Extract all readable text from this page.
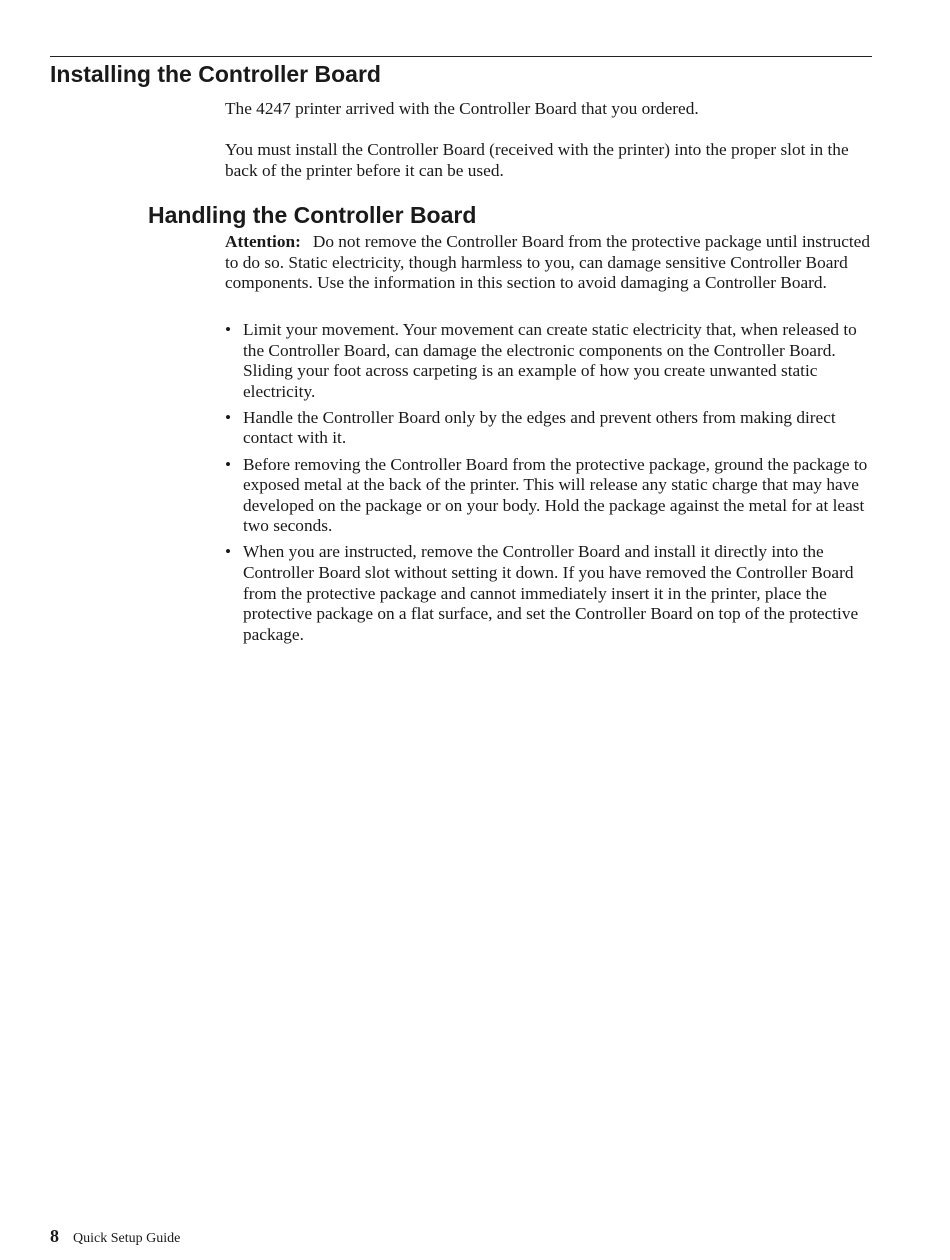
Installing the Controller Board

The 4247 printer arrived with the Controller Board that you ordered.

You must install the Controller Board (received with the printer) into the proper slot in the back of the printer before it can be used.

Handling the Controller Board

Attention: Do not remove the Controller Board from the protective package until instructed to do so. Static electricity, though harmless to you, can damage sensitive Controller Board components. Use the information in this section to avoid damaging a Controller Board.

• Limit your movement. Your movement can create static electricity that, when released to the Controller Board, can damage the electronic components on the Controller Board. Sliding your foot across carpeting is an example of how you create unwanted static electricity.
• Handle the Controller Board only by the edges and prevent others from making direct contact with it.
• Before removing the Controller Board from the protective package, ground the package to exposed metal at the back of the printer. This will release any static charge that may have developed on the package or on your body. Hold the package against the metal for at least two seconds.
• When you are instructed, remove the Controller Board and install it directly into the Controller Board slot without setting it down. If you have removed the Controller Board from the protective package and cannot immediately insert it in the printer, place the protective package on a flat surface, and set the Controller Board on top of the protective package.
8 Quick Setup Guide
